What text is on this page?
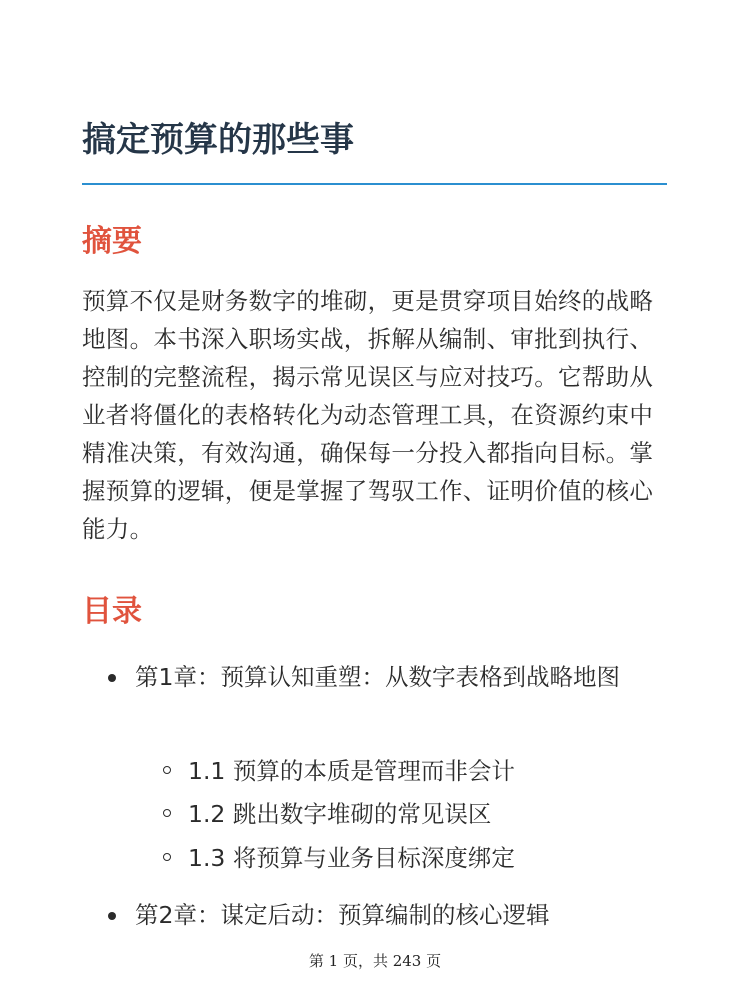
搞定预算的那些事
摘要

预算不仅是财务数字的堆砌，更是贯穿项目始终的战略地图。本书深入职场实战，拆解从编制、审批到执行、控制的完整流程，揭示常见误区与应对技巧。它帮助从业者将僵化的表格转化为动态管理工具，在资源约束中精准决策，有效沟通，确保每一分投入都指向目标。掌握预算的逻辑，便是掌握了驾驭工作、证明价值的核心能力。

目录
第1章：预算认知重塑：从数字表格到战略地图
1.1 预算的本质是管理而非会计
1.2 跳出数字堆砌的常见误区
1.3 将预算与业务目标深度绑定
第2章：谋定后动：预算编制的核心逻辑
第 1 页，共 243 页
